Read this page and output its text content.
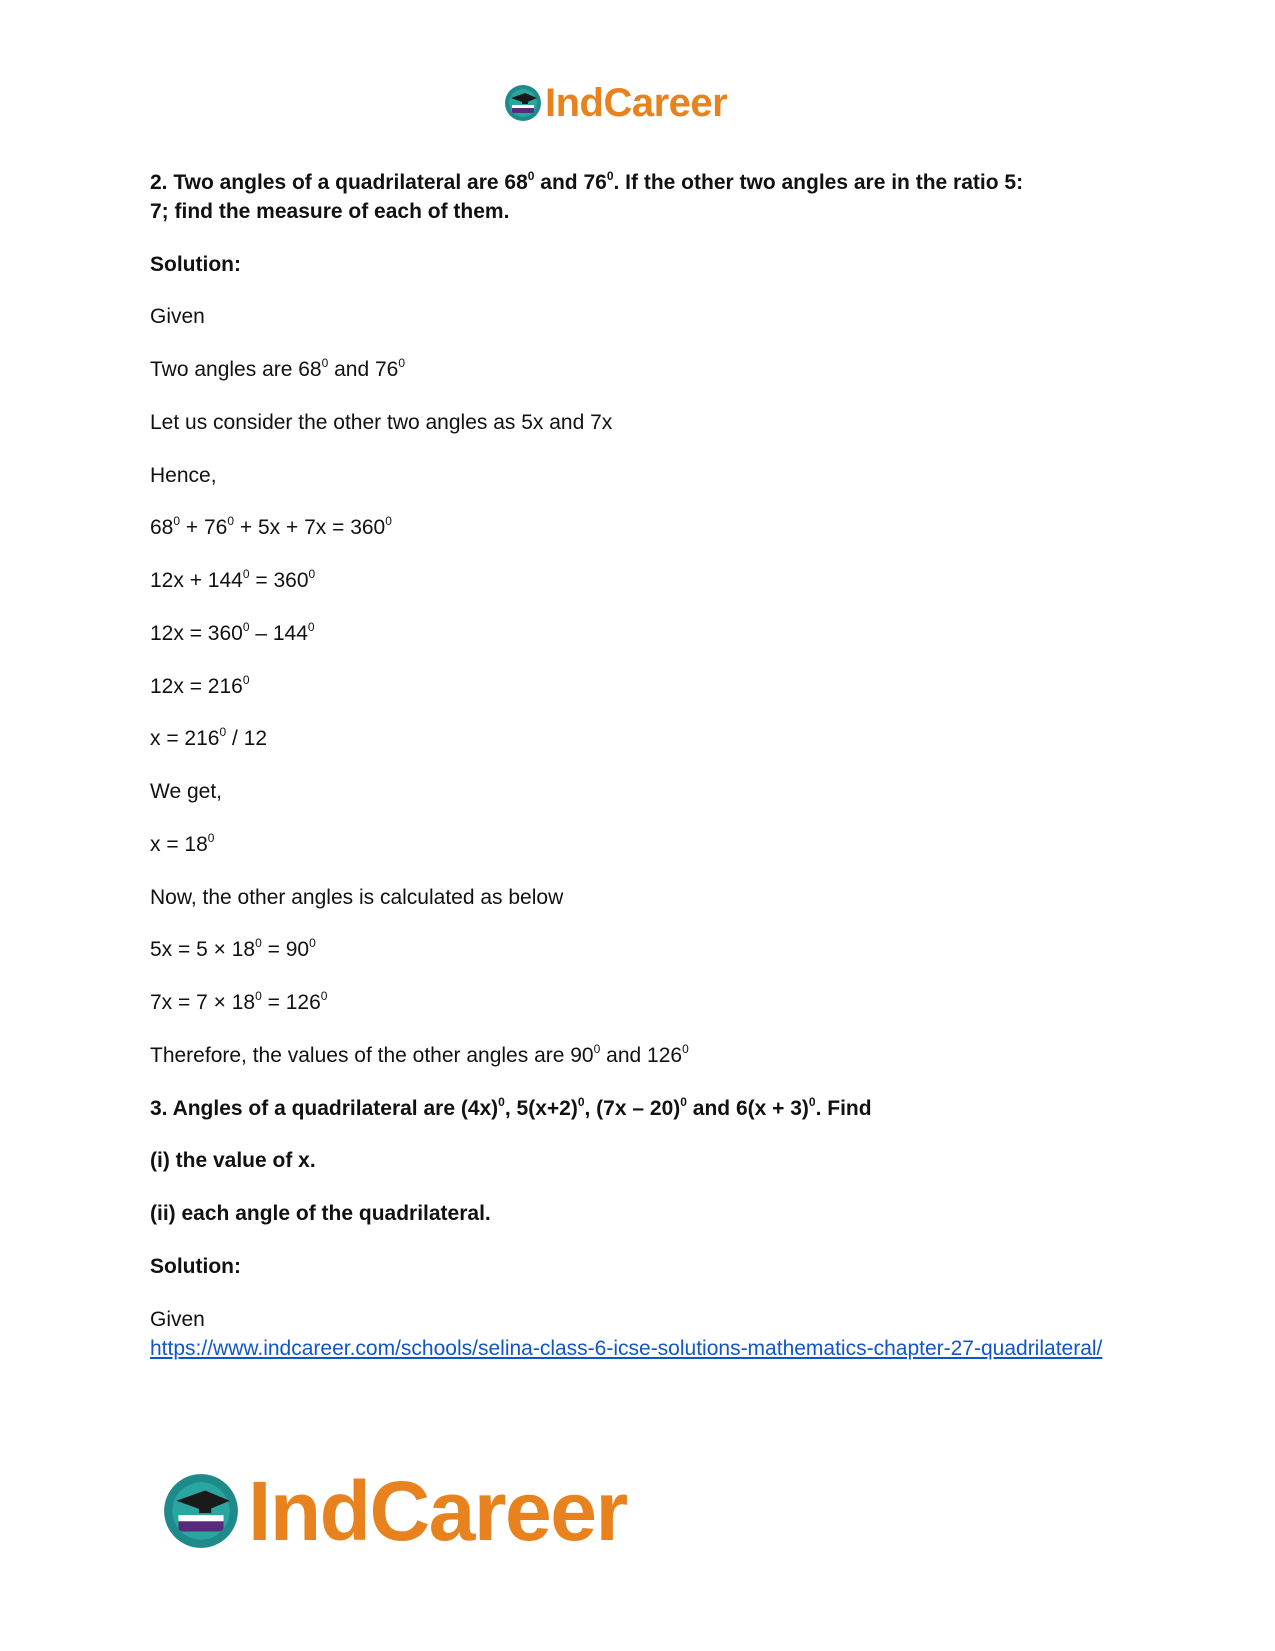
IndCareer
2. Two angles of a quadrilateral are $68^0$ and $76^0$. If the other two angles are in the ratio 5:
7; find the measure of each of them.
Solution:
Given
Two angles are $68^0$ and $76^0$
Let us consider the other two angles as 5x and 7x
Hence,
$68^0 + 76^0 + 5x + 7x = 360^0$
$12x + 144^0 = 360^0$
$12x = 360^0 - 144^0$
$12x = 216^0$
$x = 216^0 / 12$
We get,
$x = 18^0$
Now, the other angles is calculated as below
$5x = 5 \times 18^0 = 90^0$
$7x = 7 \times 18^0 = 126^0$
Therefore, the values of the other angles are $90^0$ and $126^0$
3. Angles of a quadrilateral are $(4x)^0$, $5(x+2)^0$, (7x – 20)$^0$ and $6(x + 3)^0$. Find
(i) the value of x.
(ii) each angle of the quadrilateral.
Solution:
Given
https://www.indcareer.com/schools/selina-class-6-icse-solutions-mathematics-chapter-27-quadrilateral/
IndCareer
